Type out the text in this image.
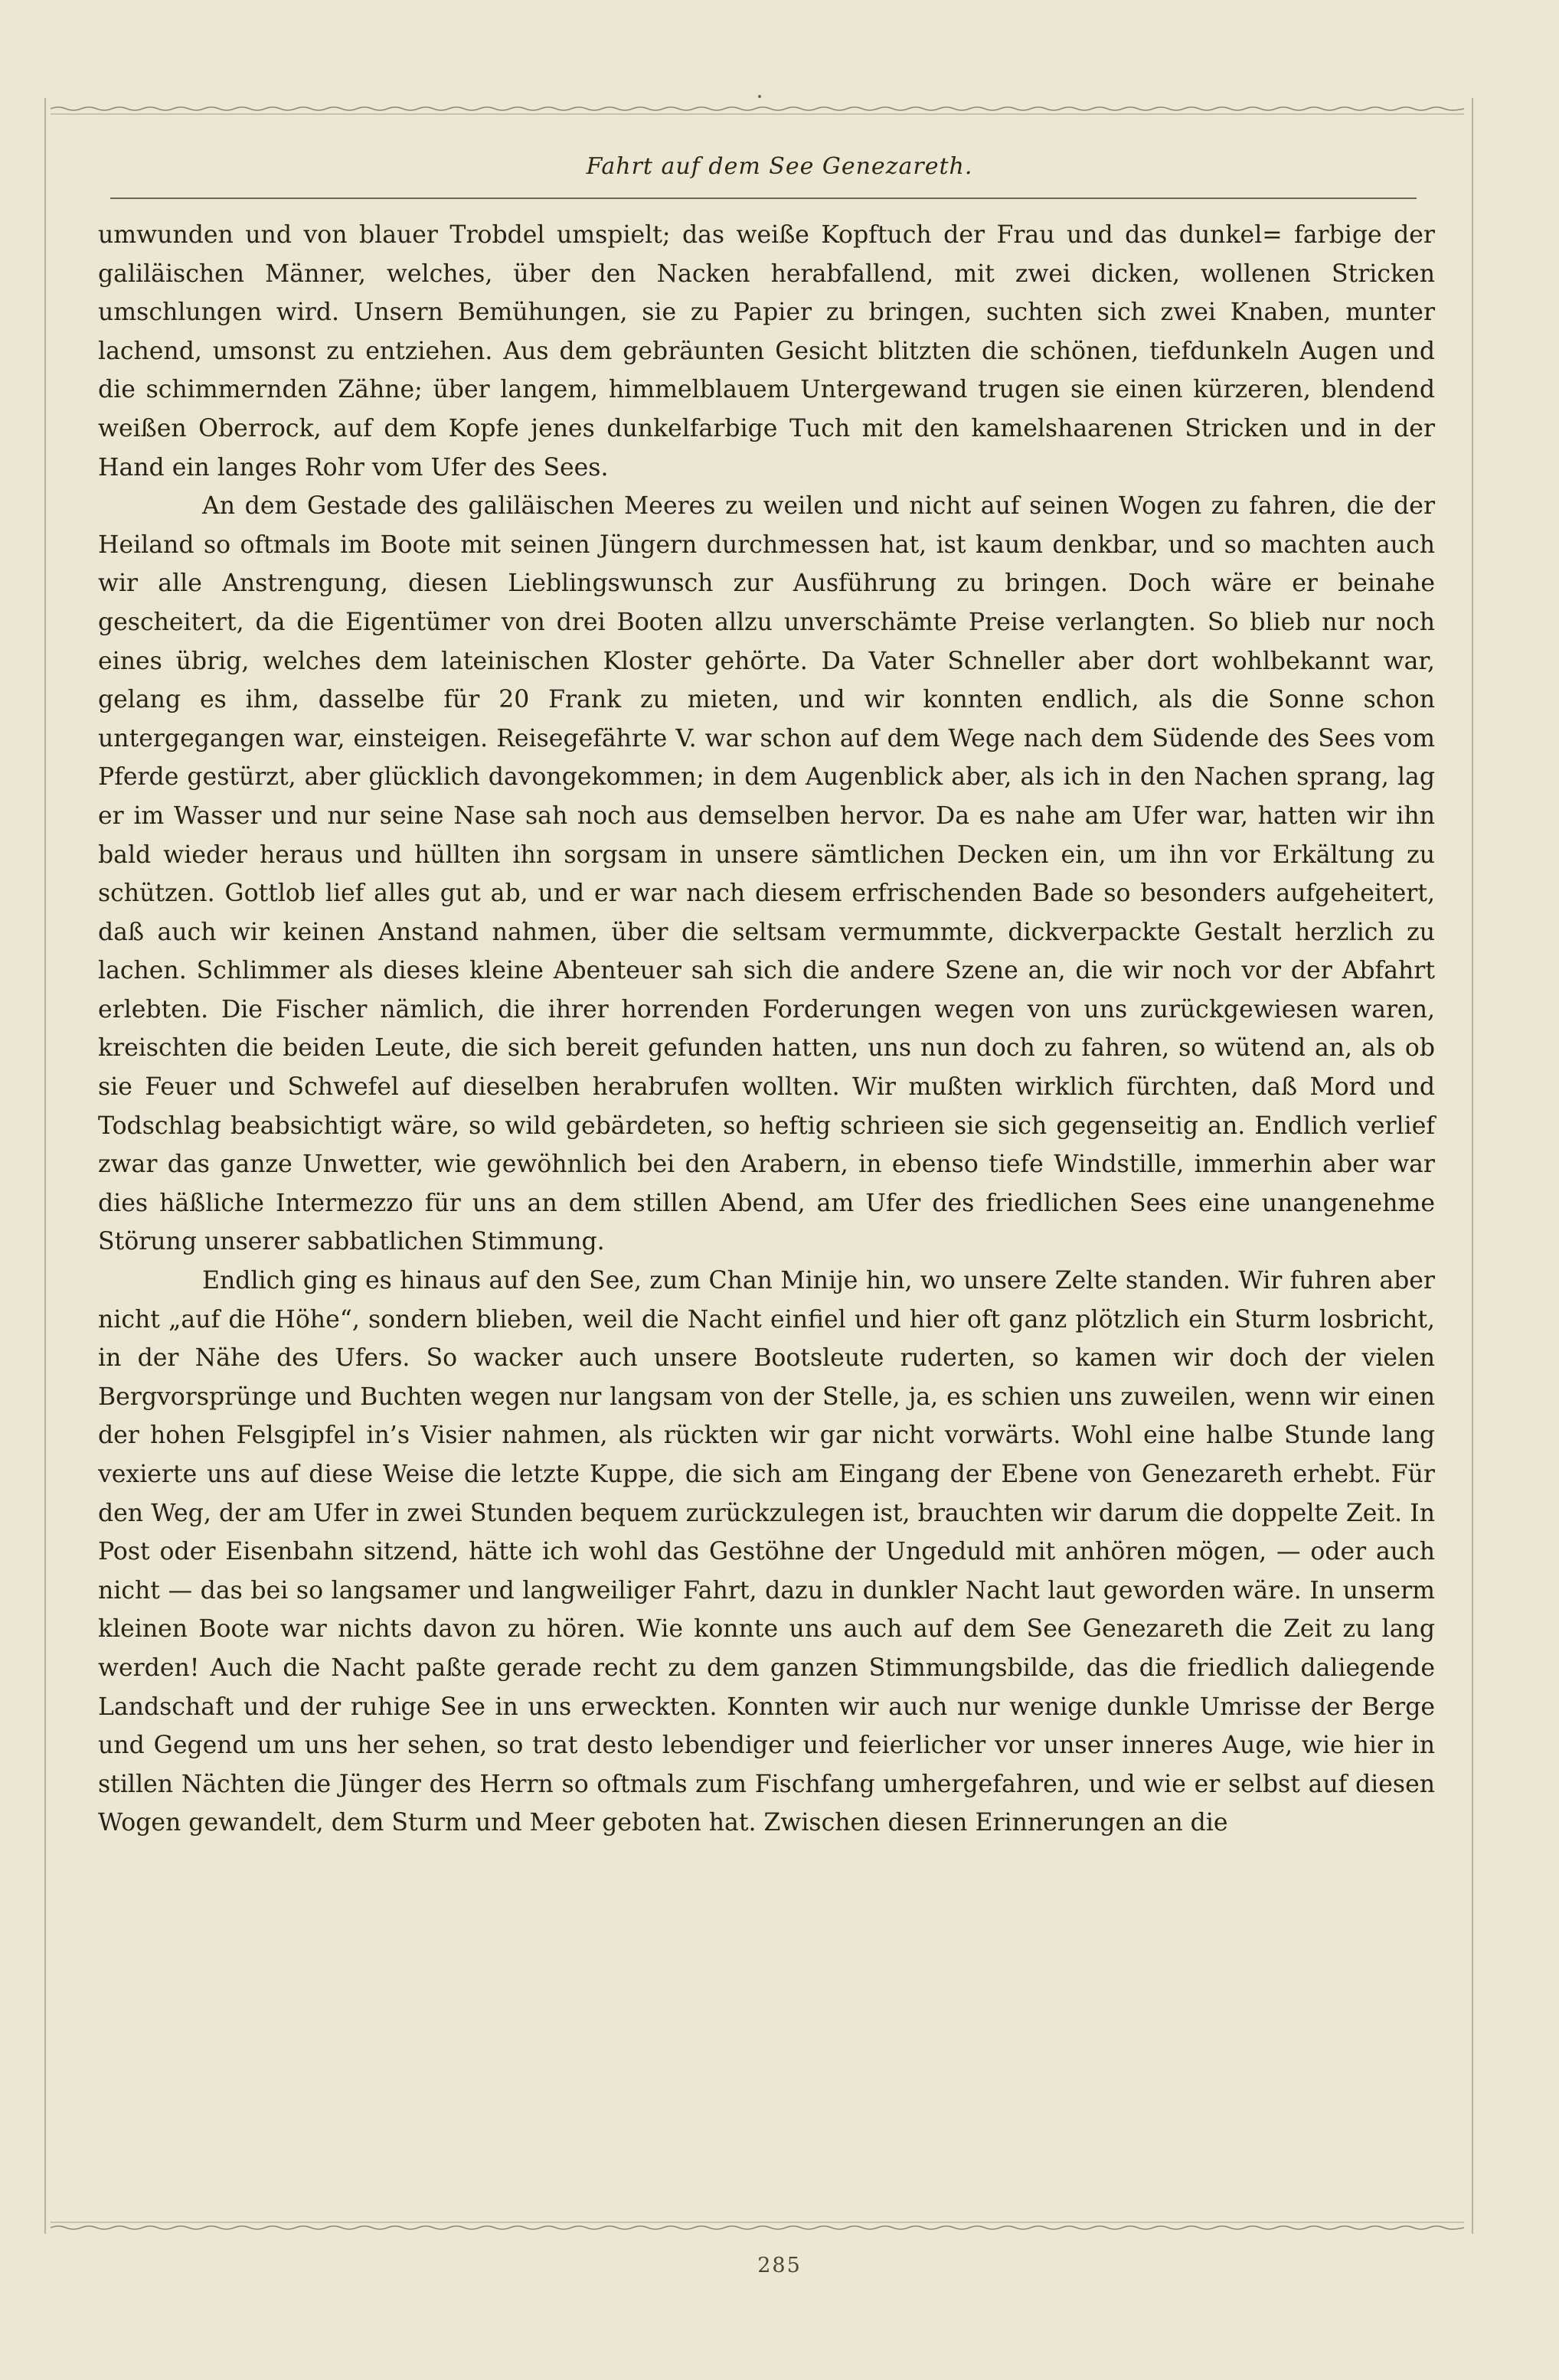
Fahrt auf dem See Genezareth.

umwunden und von blauer Trobdel umspielt; das weiße Kopftuch der Frau und das dunkel= farbige der galiläischen Männer, welches, über den Nacken herabfallend, mit zwei dicken, wollenen Stricken umschlungen wird. Unsern Bemühungen, sie zu Papier zu bringen, suchten sich zwei Knaben, munter lachend, umsonst zu entziehen. Aus dem gebräunten Gesicht blitzten die schönen, tiefdunkeln Augen und die schimmernden Zähne; über langem, himmelblauem Untergewand trugen sie einen kürzeren, blendend weißen Oberrock, auf dem Kopfe jenes dunkelfarbige Tuch mit den kamelshaarenen Stricken und in der Hand ein langes Rohr vom Ufer des Sees.

An dem Gestade des galiläischen Meeres zu weilen und nicht auf seinen Wogen zu fahren, die der Heiland so oftmals im Boote mit seinen Jüngern durchmessen hat, ist kaum denkbar, und so machten auch wir alle Anstrengung, diesen Lieblingswunsch zur Ausführung zu bringen. Doch wäre er beinahe gescheitert, da die Eigentümer von drei Booten allzu unverschämte Preise verlangten. So blieb nur noch eines übrig, welches dem lateinischen Kloster gehörte. Da Vater Schneller aber dort wohlbekannt war, gelang es ihm, dasselbe für 20 Frank zu mieten, und wir konnten endlich, als die Sonne schon untergegangen war, einsteigen. Reisegefährte V. war schon auf dem Wege nach dem Südende des Sees vom Pferde gestürzt, aber glücklich davongekommen; in dem Augenblick aber, als ich in den Nachen sprang, lag er im Wasser und nur seine Nase sah noch aus demselben hervor. Da es nahe am Ufer war, hatten wir ihn bald wieder heraus und hüllten ihn sorgsam in unsere sämtlichen Decken ein, um ihn vor Erkältung zu schützen. Gottlob lief alles gut ab, und er war nach diesem erfrischenden Bade so besonders aufgeheitert, daß auch wir keinen Anstand nahmen, über die seltsam vermummte, dickverpackte Gestalt herzlich zu lachen. Schlimmer als dieses kleine Abenteuer sah sich die andere Szene an, die wir noch vor der Abfahrt erlebten. Die Fischer nämlich, die ihrer horrenden Forderungen wegen von uns zurückgewiesen waren, kreischten die beiden Leute, die sich bereit gefunden hatten, uns nun doch zu fahren, so wütend an, als ob sie Feuer und Schwefel auf dieselben herabrufen wollten. Wir mußten wirklich fürchten, daß Mord und Todschlag beabsichtigt wäre, so wild gebärdeten, so heftig schrieen sie sich gegenseitig an. Endlich verlief zwar das ganze Unwetter, wie gewöhnlich bei den Arabern, in ebenso tiefe Windstille, immerhin aber war dies häßliche Intermezzo für uns an dem stillen Abend, am Ufer des friedlichen Sees eine unangenehme Störung unserer sabbatlichen Stimmung.

Endlich ging es hinaus auf den See, zum Chan Minije hin, wo unsere Zelte standen. Wir fuhren aber nicht „auf die Höhe“, sondern blieben, weil die Nacht einfiel und hier oft ganz plötzlich ein Sturm losbricht, in der Nähe des Ufers. So wacker auch unsere Bootsleute ruderten, so kamen wir doch der vielen Bergvorsprünge und Buchten wegen nur langsam von der Stelle, ja, es schien uns zuweilen, wenn wir einen der hohen Felsgipfel in’s Visier nahmen, als rückten wir gar nicht vorwärts. Wohl eine halbe Stunde lang vexierte uns auf diese Weise die letzte Kuppe, die sich am Eingang der Ebene von Genezareth erhebt. Für den Weg, der am Ufer in zwei Stunden bequem zurückzulegen ist, brauchten wir darum die doppelte Zeit. In Post oder Eisenbahn sitzend, hätte ich wohl das Gestöhne der Ungeduld mit anhören mögen, — oder auch nicht — das bei so langsamer und langweiliger Fahrt, dazu in dunkler Nacht laut geworden wäre. In unserm kleinen Boote war nichts davon zu hören. Wie konnte uns auch auf dem See Genezareth die Zeit zu lang werden! Auch die Nacht paßte gerade recht zu dem ganzen Stimmungsbilde, das die friedlich daliegende Landschaft und der ruhige See in uns erweckten. Konnten wir auch nur wenige dunkle Umrisse der Berge und Gegend um uns her sehen, so trat desto lebendiger und feierlicher vor unser inneres Auge, wie hier in stillen Nächten die Jünger des Herrn so oftmals zum Fischfang umhergefahren, und wie er selbst auf diesen Wogen gewandelt, dem Sturm und Meer geboten hat. Zwischen diesen Erinnerungen an die

285
